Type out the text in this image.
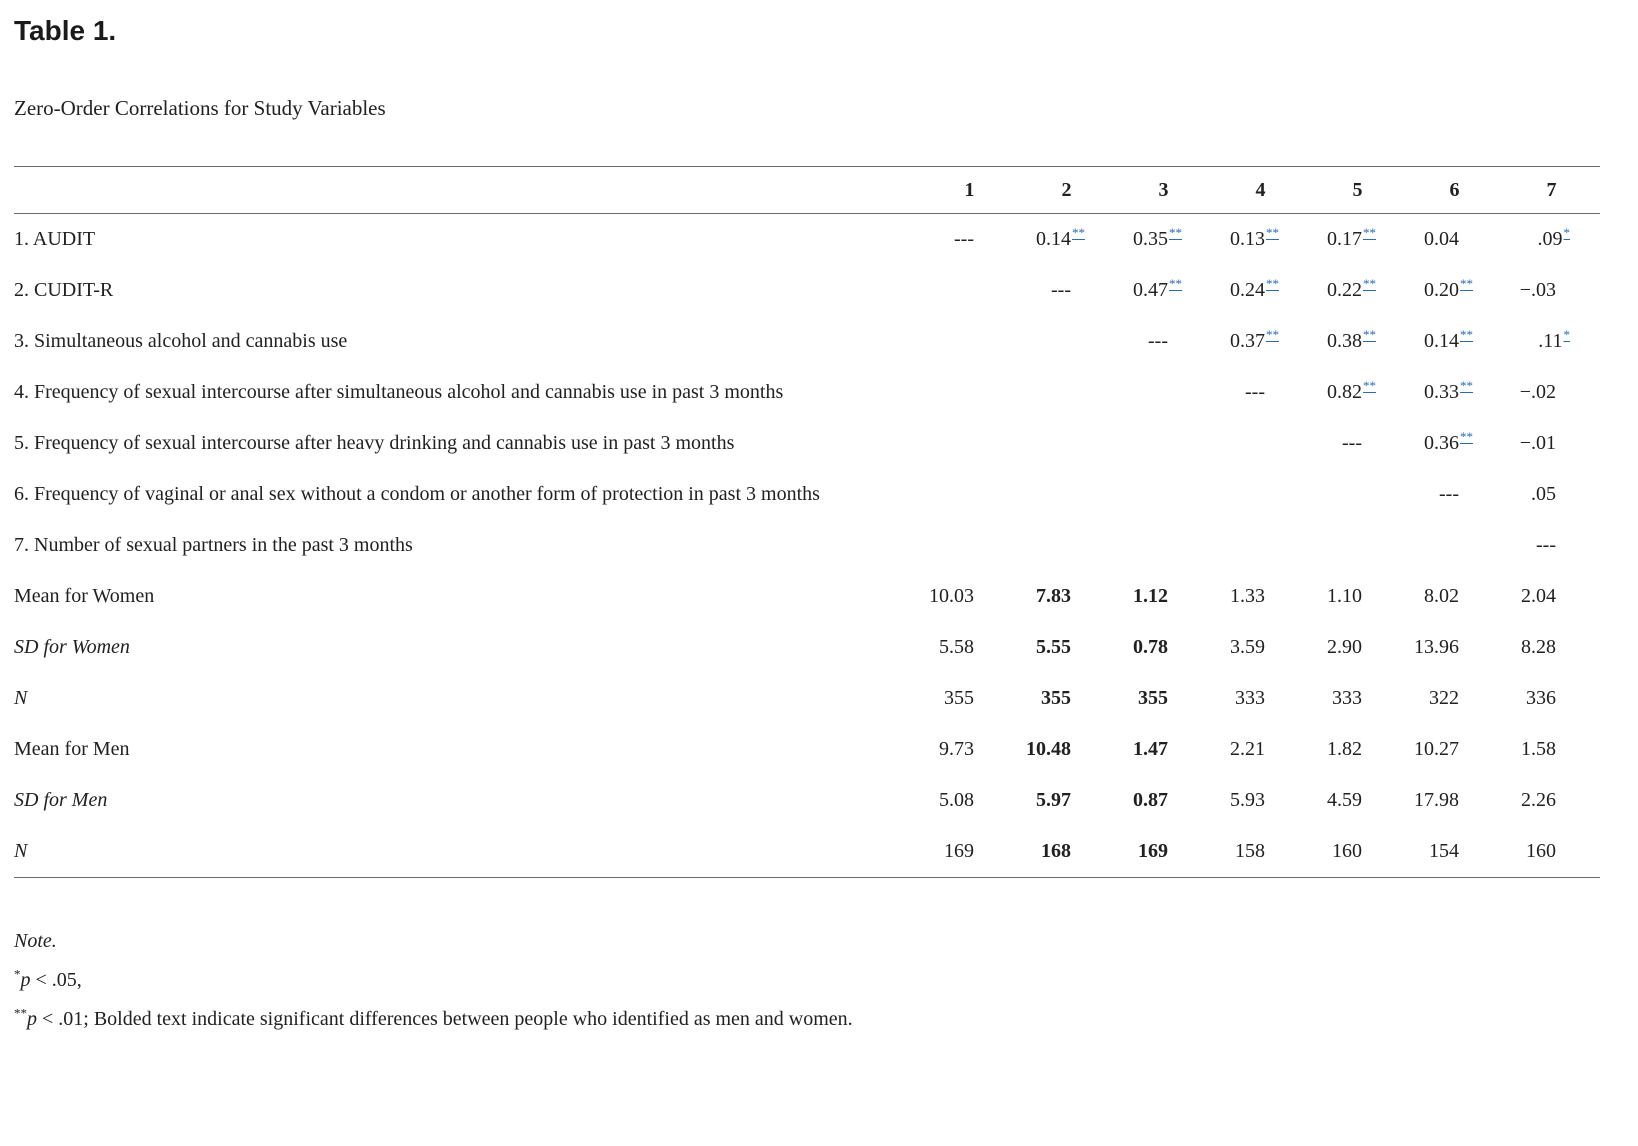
Table 1.
Zero-Order Correlations for Study Variables
	1	2	3	4	5	6	7
1. AUDIT	---	0.14**	0.35**	0.13**	0.17**	0.04	.09*
2. CUDIT-R		---	0.47**	0.24**	0.22**	0.20**	−.03
3. Simultaneous alcohol and cannabis use			---	0.37**	0.38**	0.14**	.11*
4. Frequency of sexual intercourse after simultaneous alcohol and cannabis use in past 3 months				---	0.82**	0.33**	−.02
5. Frequency of sexual intercourse after heavy drinking and cannabis use in past 3 months					---	0.36**	−.01
6. Frequency of vaginal or anal sex without a condom or another form of protection in past 3 months						---	.05
7. Number of sexual partners in the past 3 months							---
Mean for Women	10.03	7.83	1.12	1.33	1.10	8.02	2.04
SD for Women	5.58	5.55	0.78	3.59	2.90	13.96	8.28
N	355	355	355	333	333	322	336
Mean for Men	9.73	10.48	1.47	2.21	1.82	10.27	1.58
SD for Men	5.08	5.97	0.87	5.93	4.59	17.98	2.26
N	169	168	169	158	160	154	160
Note.
*p < .05,
**p < .01; Bolded text indicate significant differences between people who identified as men and women.
